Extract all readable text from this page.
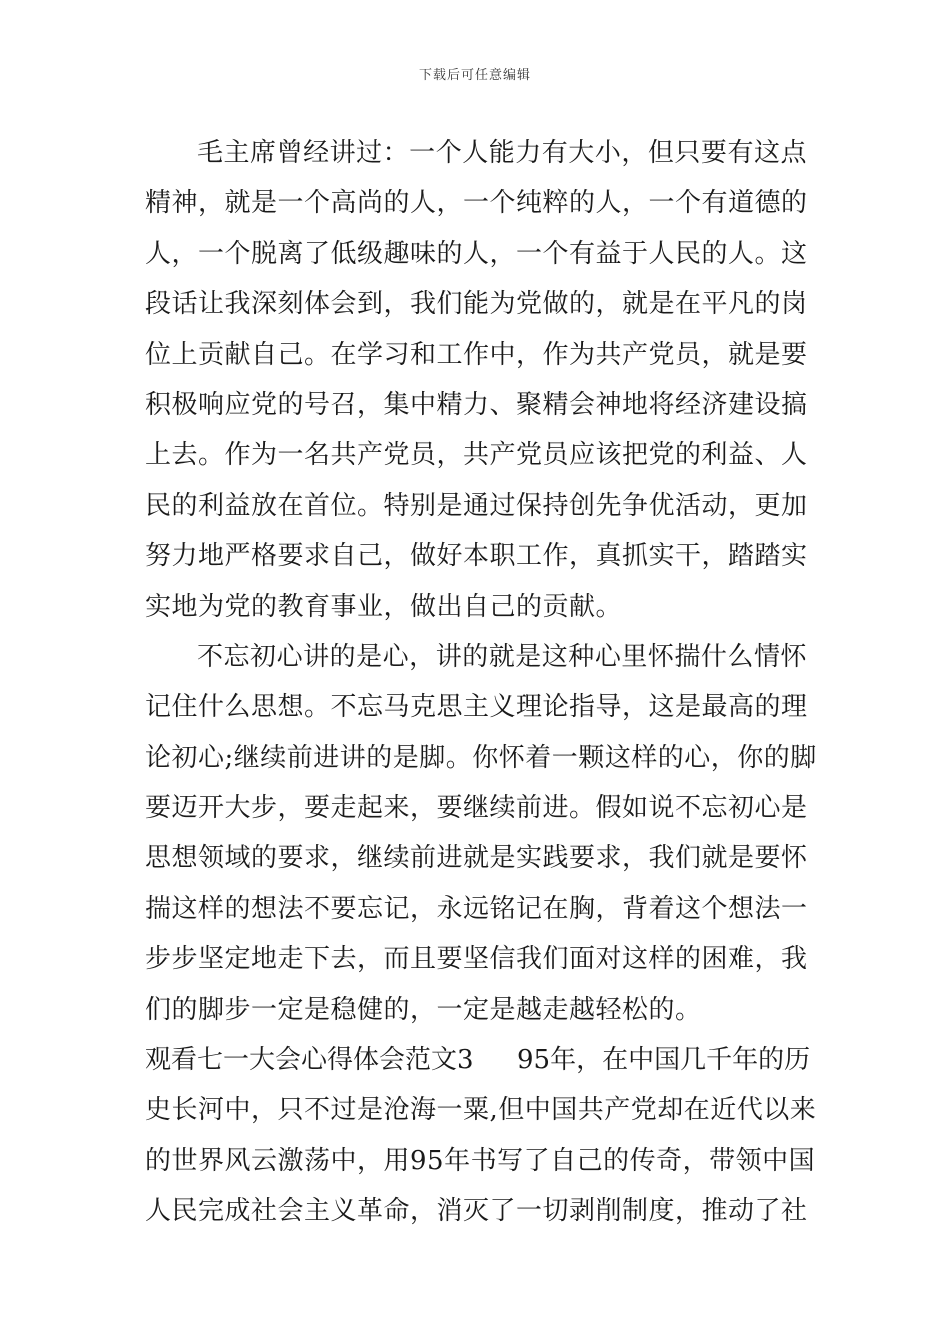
下载后可任意编辑
毛主席曾经讲过：一个人能力有大小，但只要有这点
精神，就是一个高尚的人，一个纯粹的人，一个有道德的
人，一个脱离了低级趣味的人，一个有益于人民的人。这
段话让我深刻体会到，我们能为党做的，就是在平凡的岗
位上贡献自己。在学习和工作中，作为共产党员，就是要
积极响应党的号召，集中精力、聚精会神地将经济建设搞
上去。作为一名共产党员，共产党员应该把党的利益、人
民的利益放在首位。特别是通过保持创先争优活动，更加
努力地严格要求自己，做好本职工作，真抓实干，踏踏实
实地为党的教育事业，做出自己的贡献。
不忘初心讲的是心，讲的就是这种心里怀揣什么情怀
记住什么思想。不忘马克思主义理论指导，这是最高的理
论初心;继续前进讲的是脚。你怀着一颗这样的心，你的脚
要迈开大步，要走起来，要继续前进。假如说不忘初心是
思想领域的要求，继续前进就是实践要求，我们就是要怀
揣这样的想法不要忘记，永远铭记在胸，背着这个想法一
步步坚定地走下去，而且要坚信我们面对这样的困难，我
们的脚步一定是稳健的，一定是越走越轻松的。
观看七一大会心得体会范文3 95年，在中国几千年的历
史长河中，只不过是沧海一粟,但中国共产党却在近代以来
的世界风云激荡中，用95年书写了自己的传奇，带领中国
人民完成社会主义革命，消灭了一切剥削制度，推动了社
